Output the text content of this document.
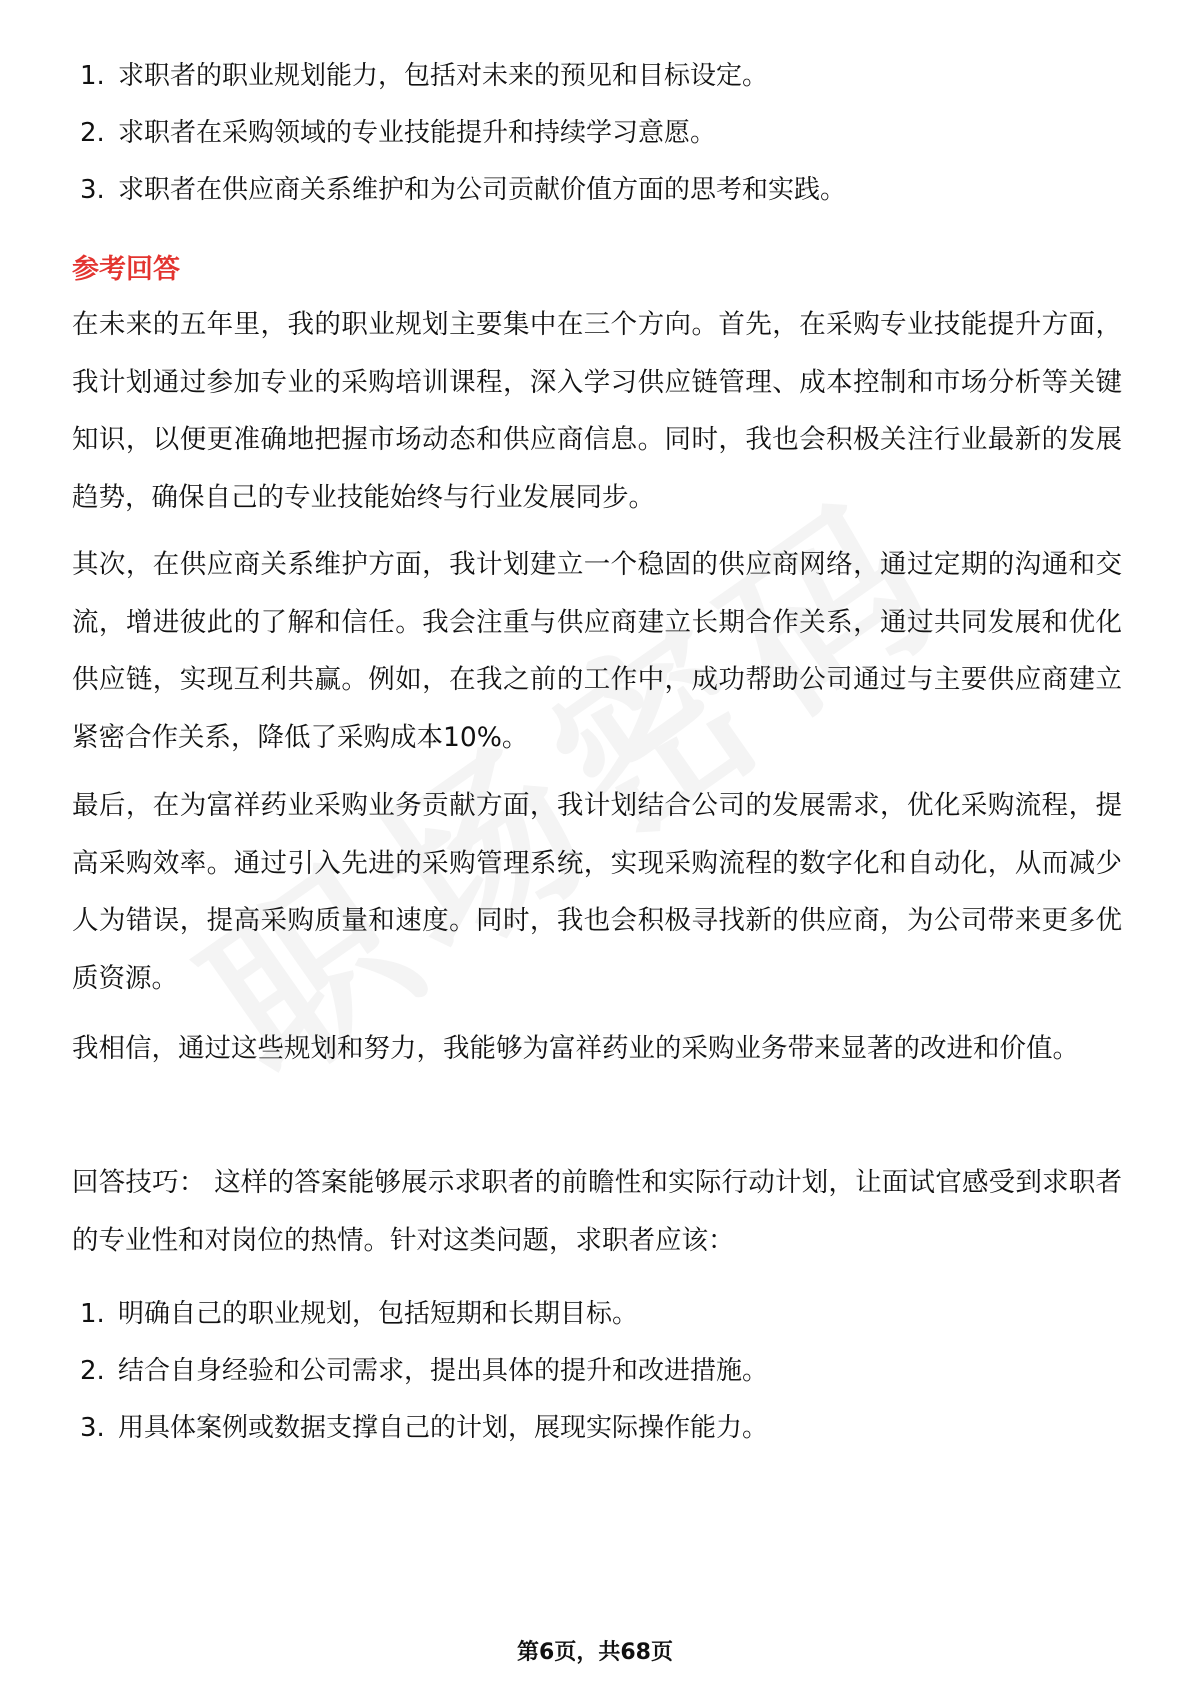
1. 求职者的职业规划能力，包括对未来的预见和目标设定。
2. 求职者在采购领域的专业技能提升和持续学习意愿。
3. 求职者在供应商关系维护和为公司贡献价值方面的思考和实践。
参考回答

在未来的五年里，我的职业规划主要集中在三个方向。首先，在采购专业技能提升方面，我计划通过参加专业的采购培训课程，深入学习供应链管理、成本控制和市场分析等关键知识，以便更准确地把握市场动态和供应商信息。同时，我也会积极关注行业最新的发展趋势，确保自己的专业技能始终与行业发展同步。

其次，在供应商关系维护方面，我计划建立一个稳固的供应商网络，通过定期的沟通和交流，增进彼此的了解和信任。我会注重与供应商建立长期合作关系，通过共同发展和优化供应链，实现互利共赢。例如，在我之前的工作中，成功帮助公司通过与主要供应商建立紧密合作关系，降低了采购成本10%。

最后，在为富祥药业采购业务贡献方面，我计划结合公司的发展需求，优化采购流程，提高采购效率。通过引入先进的采购管理系统，实现采购流程的数字化和自动化，从而减少人为错误，提高采购质量和速度。同时，我也会积极寻找新的供应商，为公司带来更多优质资源。

我相信，通过这些规划和努力，我能够为富祥药业的采购业务带来显著的改进和价值。

回答技巧： 这样的答案能够展示求职者的前瞻性和实际行动计划，让面试官感受到求职者的专业性和对岗位的热情。针对这类问题，求职者应该：

1. 明确自己的职业规划，包括短期和长期目标。
2. 结合自身经验和公司需求，提出具体的提升和改进措施。
3. 用具体案例或数据支撑自己的计划，展现实际操作能力。
第6页，共68页
